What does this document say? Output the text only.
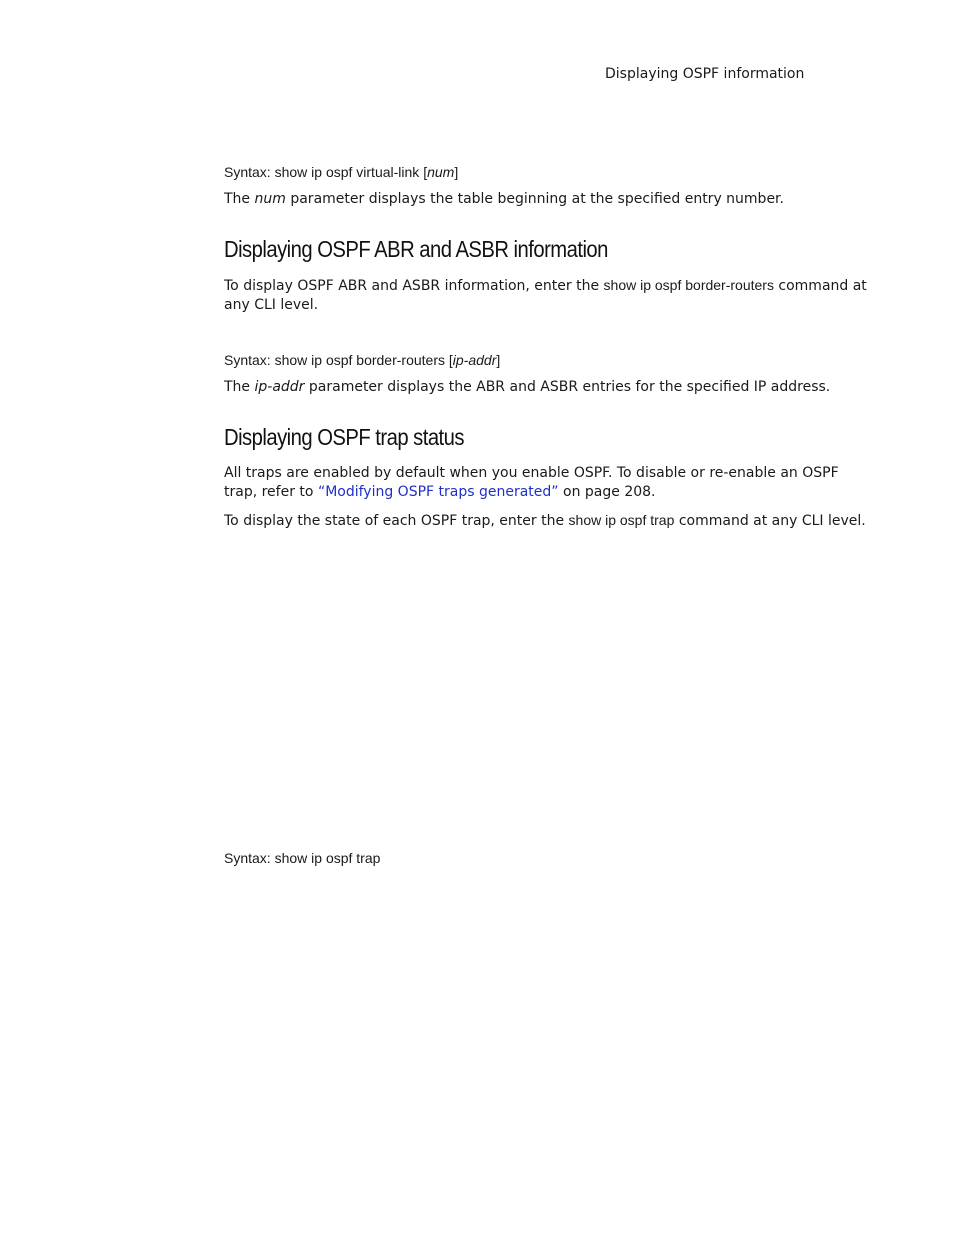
Displaying OSPF information
Syntax: show ip ospf virtual-link [num]
The num parameter displays the table beginning at the specified entry number.
Displaying OSPF ABR and ASBR information
To display OSPF ABR and ASBR information, enter the show ip ospf border-routers command at any CLI level.
Syntax: show ip ospf border-routers [ip-addr]
The ip-addr parameter displays the ABR and ASBR entries for the specified IP address.
Displaying OSPF trap status
All traps are enabled by default when you enable OSPF. To disable or re-enable an OSPF trap, refer to “Modifying OSPF traps generated” on page 208.
To display the state of each OSPF trap, enter the show ip ospf trap command at any CLI level.
Syntax: show ip ospf trap
